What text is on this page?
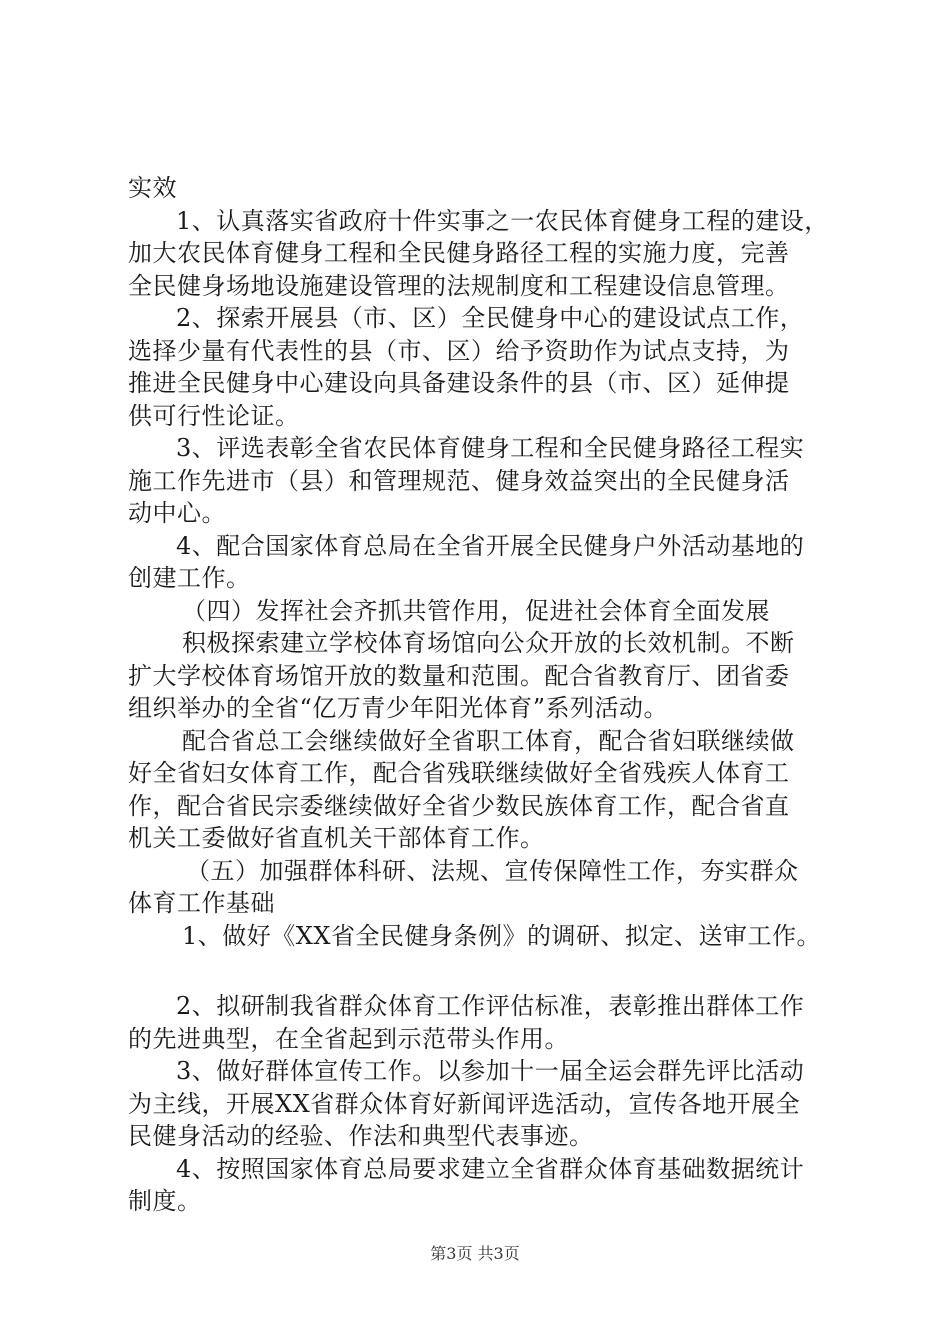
实效
1、认真落实省政府十件实事之一农民体育健身工程的建设，
加大农民体育健身工程和全民健身路径工程的实施力度，完善
全民健身场地设施建设管理的法规制度和工程建设信息管理。
2、探索开展县（市、区）全民健身中心的建设试点工作，
选择少量有代表性的县（市、区）给予资助作为试点支持，为
推进全民健身中心建设向具备建设条件的县（市、区）延伸提
供可行性论证。
3、评选表彰全省农民体育健身工程和全民健身路径工程实
施工作先进市（县）和管理规范、健身效益突出的全民健身活
动中心。
4、配合国家体育总局在全省开展全民健身户外活动基地的
创建工作。
（四）发挥社会齐抓共管作用，促进社会体育全面发展
积极探索建立学校体育场馆向公众开放的长效机制。不断
扩大学校体育场馆开放的数量和范围。配合省教育厅、团省委
组织举办的全省“亿万青少年阳光体育”系列活动。
配合省总工会继续做好全省职工体育，配合省妇联继续做
好全省妇女体育工作，配合省残联继续做好全省残疾人体育工
作，配合省民宗委继续做好全省少数民族体育工作，配合省直
机关工委做好省直机关干部体育工作。
（五）加强群体科研、法规、宣传保障性工作，夯实群众
体育工作基础
1、做好《XX省全民健身条例》的调研、拟定、送审工作。
2、拟研制我省群众体育工作评估标准，表彰推出群体工作
的先进典型，在全省起到示范带头作用。
3、做好群体宣传工作。以参加十一届全运会群先评比活动
为主线，开展XX省群众体育好新闻评选活动，宣传各地开展全
民健身活动的经验、作法和典型代表事迹。
4、按照国家体育总局要求建立全省群众体育基础数据统计
制度。
第3页 共3页
